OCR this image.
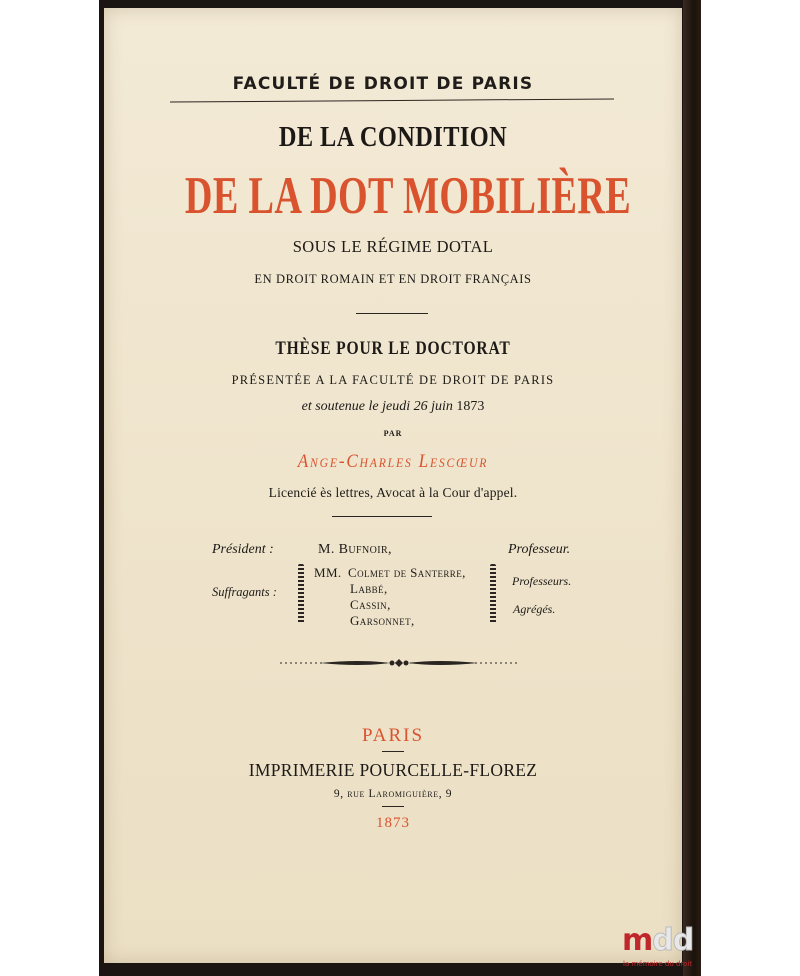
FACULTÉ DE DROIT DE PARIS
DE LA CONDITION
DE LA DOT MOBILIÈRE
SOUS LE RÉGIME DOTAL
EN DROIT ROMAIN ET EN DROIT FRANÇAIS
THÈSE POUR LE DOCTORAT
PRÉSENTÉE A LA FACULTÉ DE DROIT DE PARIS
et soutenue le jeudi 26 juin 1873
PAR
Ange-Charles Lescœur
Licencié ès lettres, Avocat à la Cour d'appel.
Président :	M. Bufnoir,	Professeur.
Suffragants :
MM. Colmet de Santerre,
Labbé,
Cassin,
Garsonnet,
Professeurs.
Agrégés.
PARIS
IMPRIMERIE POURCELLE-FLOREZ
9, rue Laromiguière, 9
1873
mdd
la mémoire du droit
